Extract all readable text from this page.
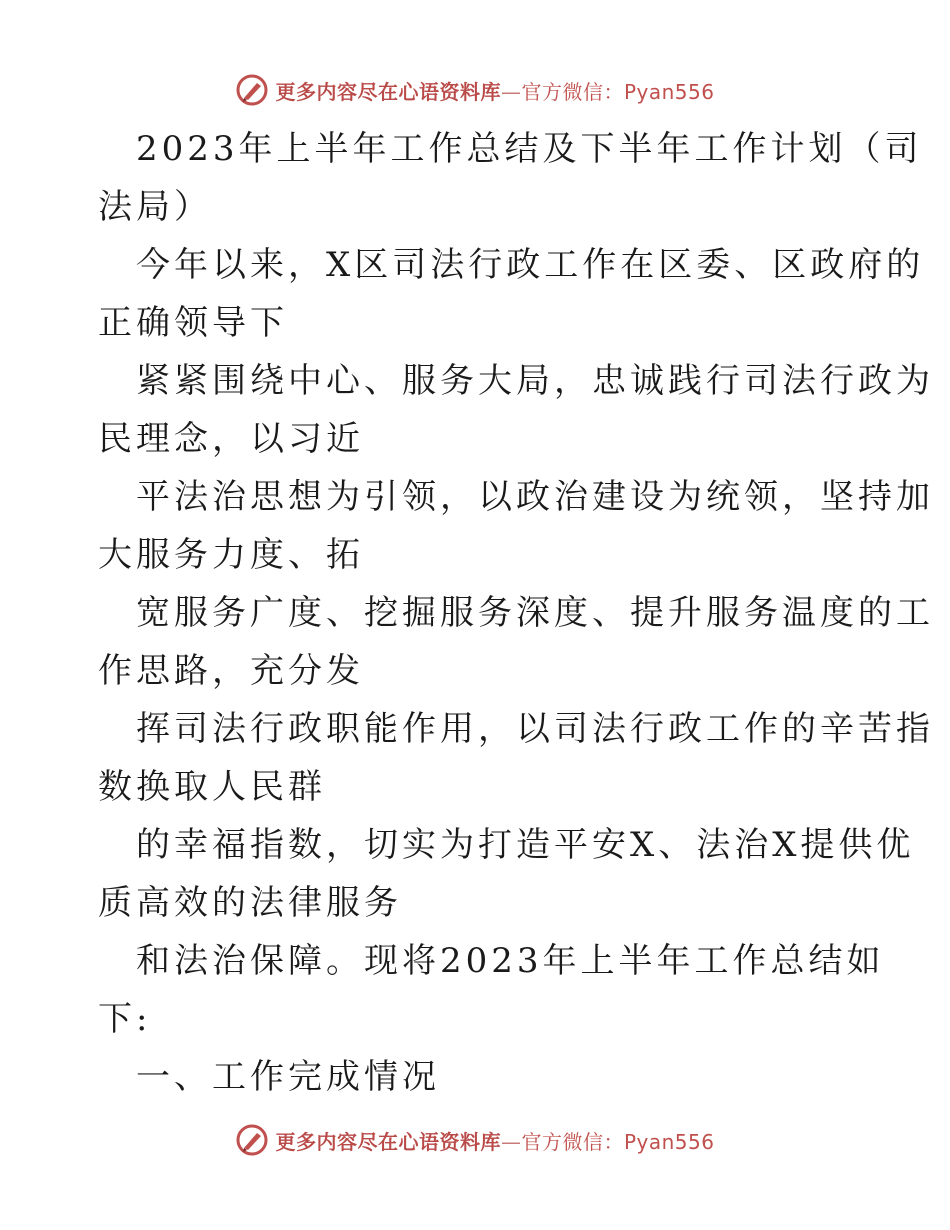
更多内容尽在心语资料库—官方微信：Pyan556
2023年上半年工作总结及下半年工作计划（司
法局）
今年以来，X区司法行政工作在区委、区政府的
正确领导下
紧紧围绕中心、服务大局，忠诚践行司法行政为
民理念，以习近
平法治思想为引领，以政治建设为统领，坚持加
大服务力度、拓
宽服务广度、挖掘服务深度、提升服务温度的工
作思路，充分发
挥司法行政职能作用，以司法行政工作的辛苦指
数换取人民群
的幸福指数，切实为打造平安X、法治X提供优
质高效的法律服务
和法治保障。现将2023年上半年工作总结如
下:
一、工作完成情况
更多内容尽在心语资料库—官方微信：Pyan556
